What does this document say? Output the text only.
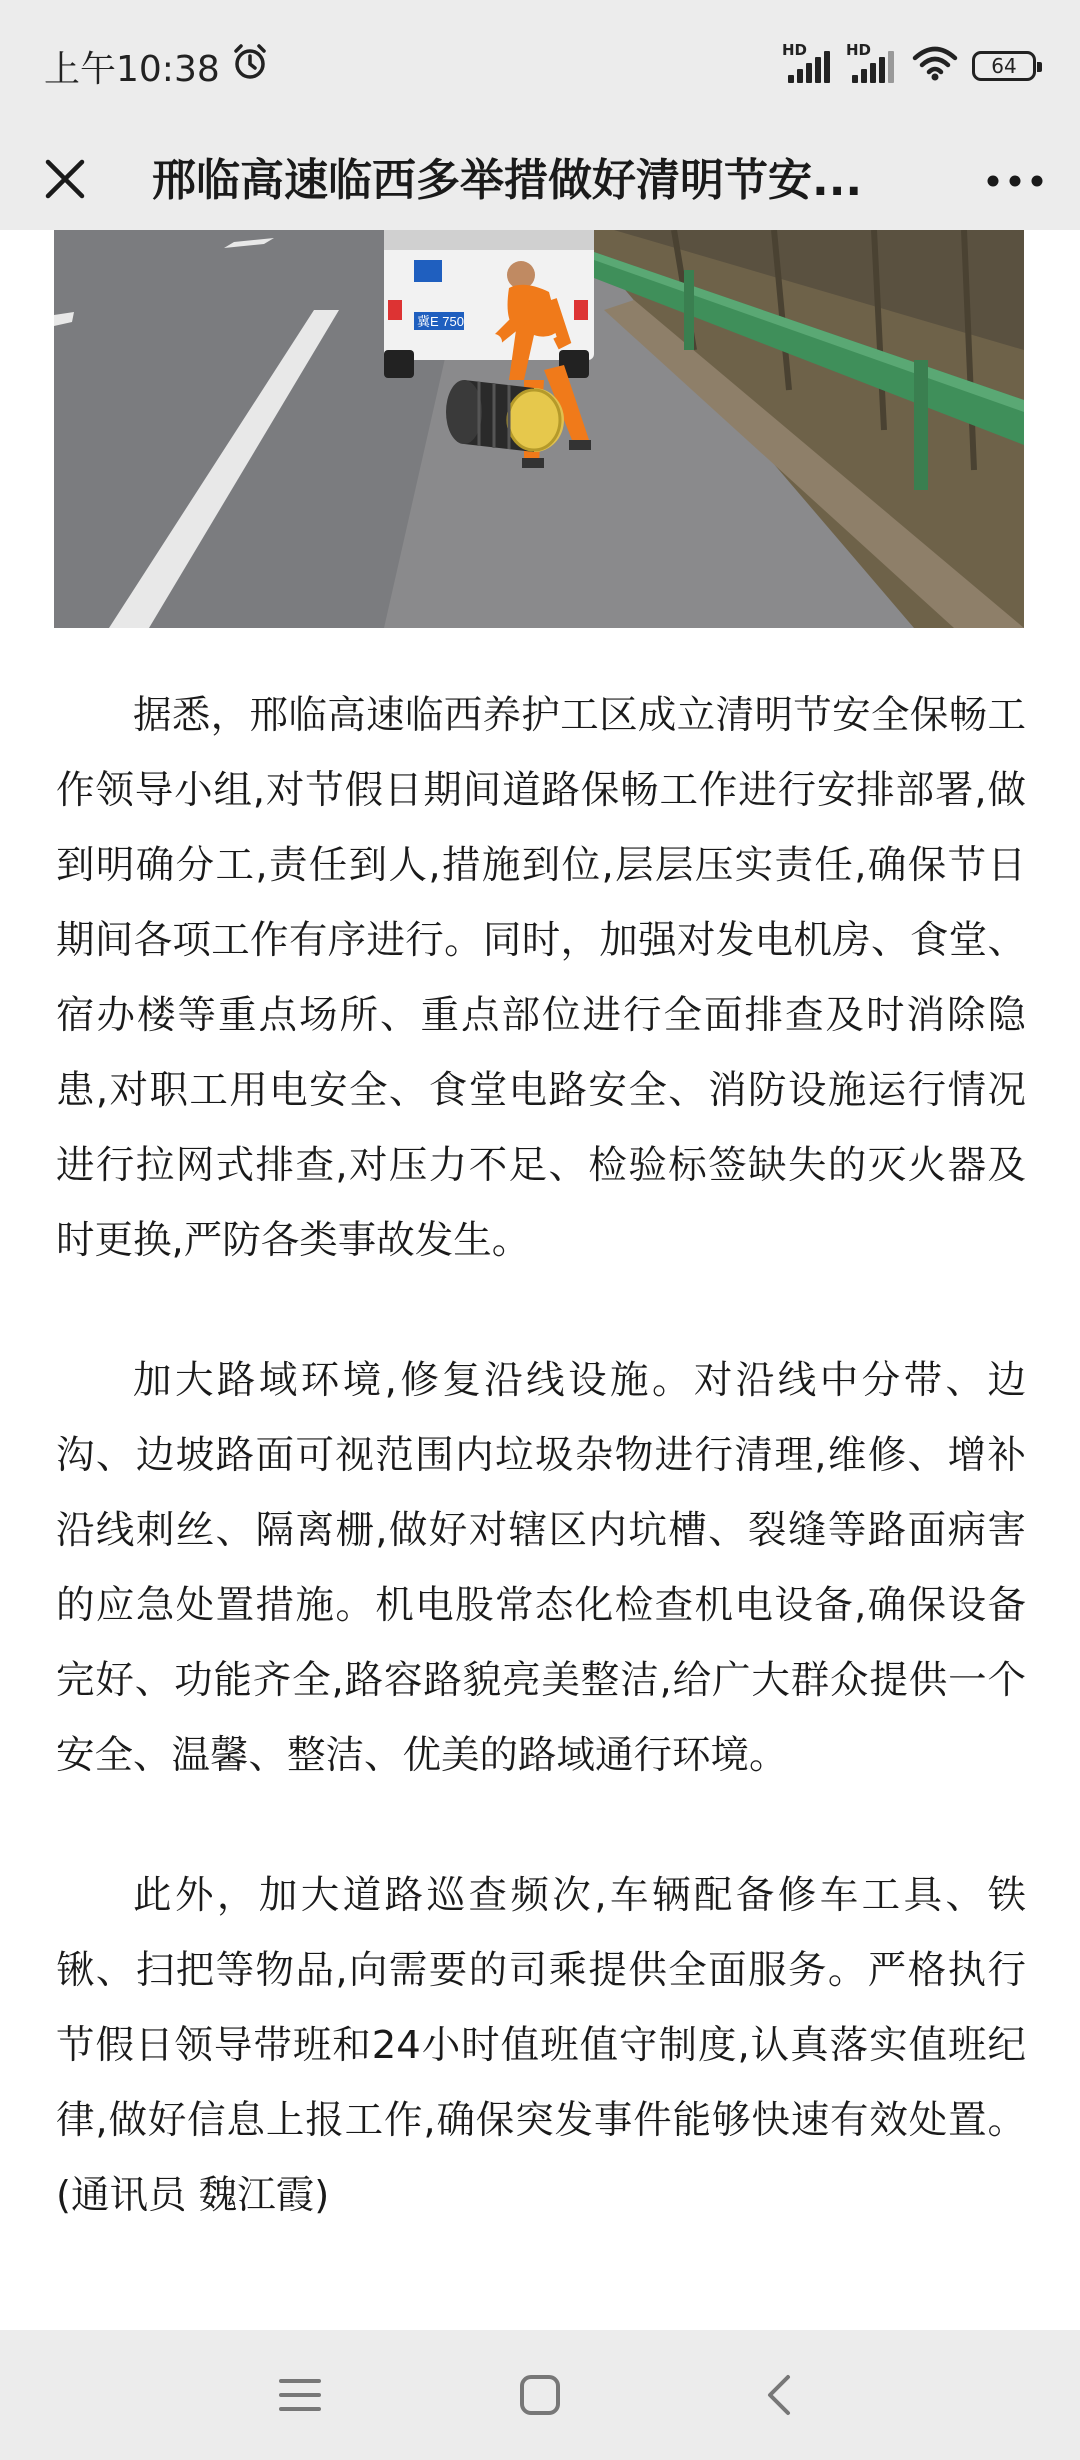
上午10:38	HD	HD
64
邢临高速临西多举措做好清明节安...
冀E 750

据悉，邢临高速临西养护工区成立清明节安全保畅工作领导小组,对节假日期间道路保畅工作进行安排部署,做到明确分工,责任到人,措施到位,层层压实责任,确保节日期间各项工作有序进行。同时，加强对发电机房、食堂、宿办楼等重点场所、重点部位进行全面排查及时消除隐患,对职工用电安全、食堂电路安全、消防设施运行情况进行拉网式排查,对压力不足、检验标签缺失的灭火器及时更换,严防各类事故发生。

加大路域环境,修复沿线设施。对沿线中分带、边沟、边坡路面可视范围内垃圾杂物进行清理,维修、增补沿线刺丝、隔离栅,做好对辖区内坑槽、裂缝等路面病害的应急处置措施。机电股常态化检查机电设备,确保设备完好、功能齐全,路容路貌亮美整洁,给广大群众提供一个安全、温馨、整洁、优美的路域通行环境。

此外，加大道路巡查频次,车辆配备修车工具、铁锹、扫把等物品,向需要的司乘提供全面服务。严格执行节假日领导带班和24小时值班值守制度,认真落实值班纪律,做好信息上报工作,确保突发事件能够快速有效处置。(通讯员 魏江霞)
